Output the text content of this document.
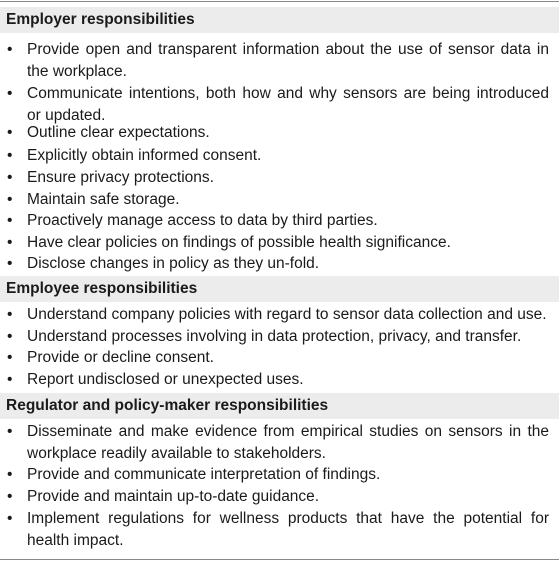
Employer responsibilities
• Provide open and transparent information about the use of sensor data in the workplace.
• Communicate intentions, both how and why sensors are being introduced or updated.
• Outline clear expectations.
• Explicitly obtain informed consent.
• Ensure privacy protections.
• Maintain safe storage.
• Proactively manage access to data by third parties.
• Have clear policies on findings of possible health significance.
• Disclose changes in policy as they un-fold.
Employee responsibilities
• Understand company policies with regard to sensor data collection and use.
• Understand processes involving in data protection, privacy, and transfer.
• Provide or decline consent.
• Report undisclosed or unexpected uses.
Regulator and policy-maker responsibilities
• Disseminate and make evidence from empirical studies on sensors in the workplace readily available to stakeholders.
• Provide and communicate interpretation of findings.
• Provide and maintain up-to-date guidance.
• Implement regulations for wellness products that have the potential for health impact.
